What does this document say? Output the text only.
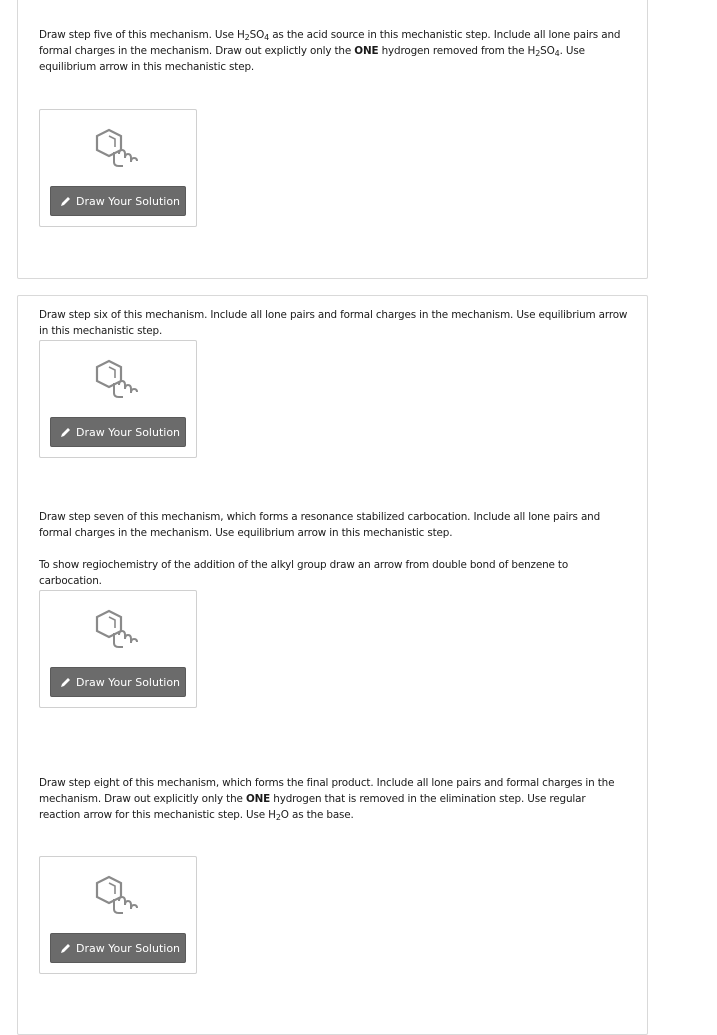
Draw step five of this mechanism. Use $H_2SO_4$ as the acid source in this mechanistic step. Include all lone pairs and formal charges in the mechanism. Draw out explictly only the ONE hydrogen removed from the $H_2SO_4$. Use equilibrium arrow in this mechanistic step.

Draw Your Solution

Draw step six of this mechanism. Include all lone pairs and formal charges in the mechanism. Use equilibrium arrow in this mechanistic step.

Draw Your Solution

Draw step seven of this mechanism, which forms a resonance stabilized carbocation. Include all lone pairs and formal charges in the mechanism. Use equilibrium arrow in this mechanistic step.

To show regiochemistry of the addition of the alkyl group draw an arrow from double bond of benzene to carbocation.

Draw Your Solution

Draw step eight of this mechanism, which forms the final product. Include all lone pairs and formal charges in the mechanism. Draw out explicitly only the ONE hydrogen that is removed in the elimination step. Use regular reaction arrow for this mechanistic step. Use $H_2O$ as the base.

Draw Your Solution
